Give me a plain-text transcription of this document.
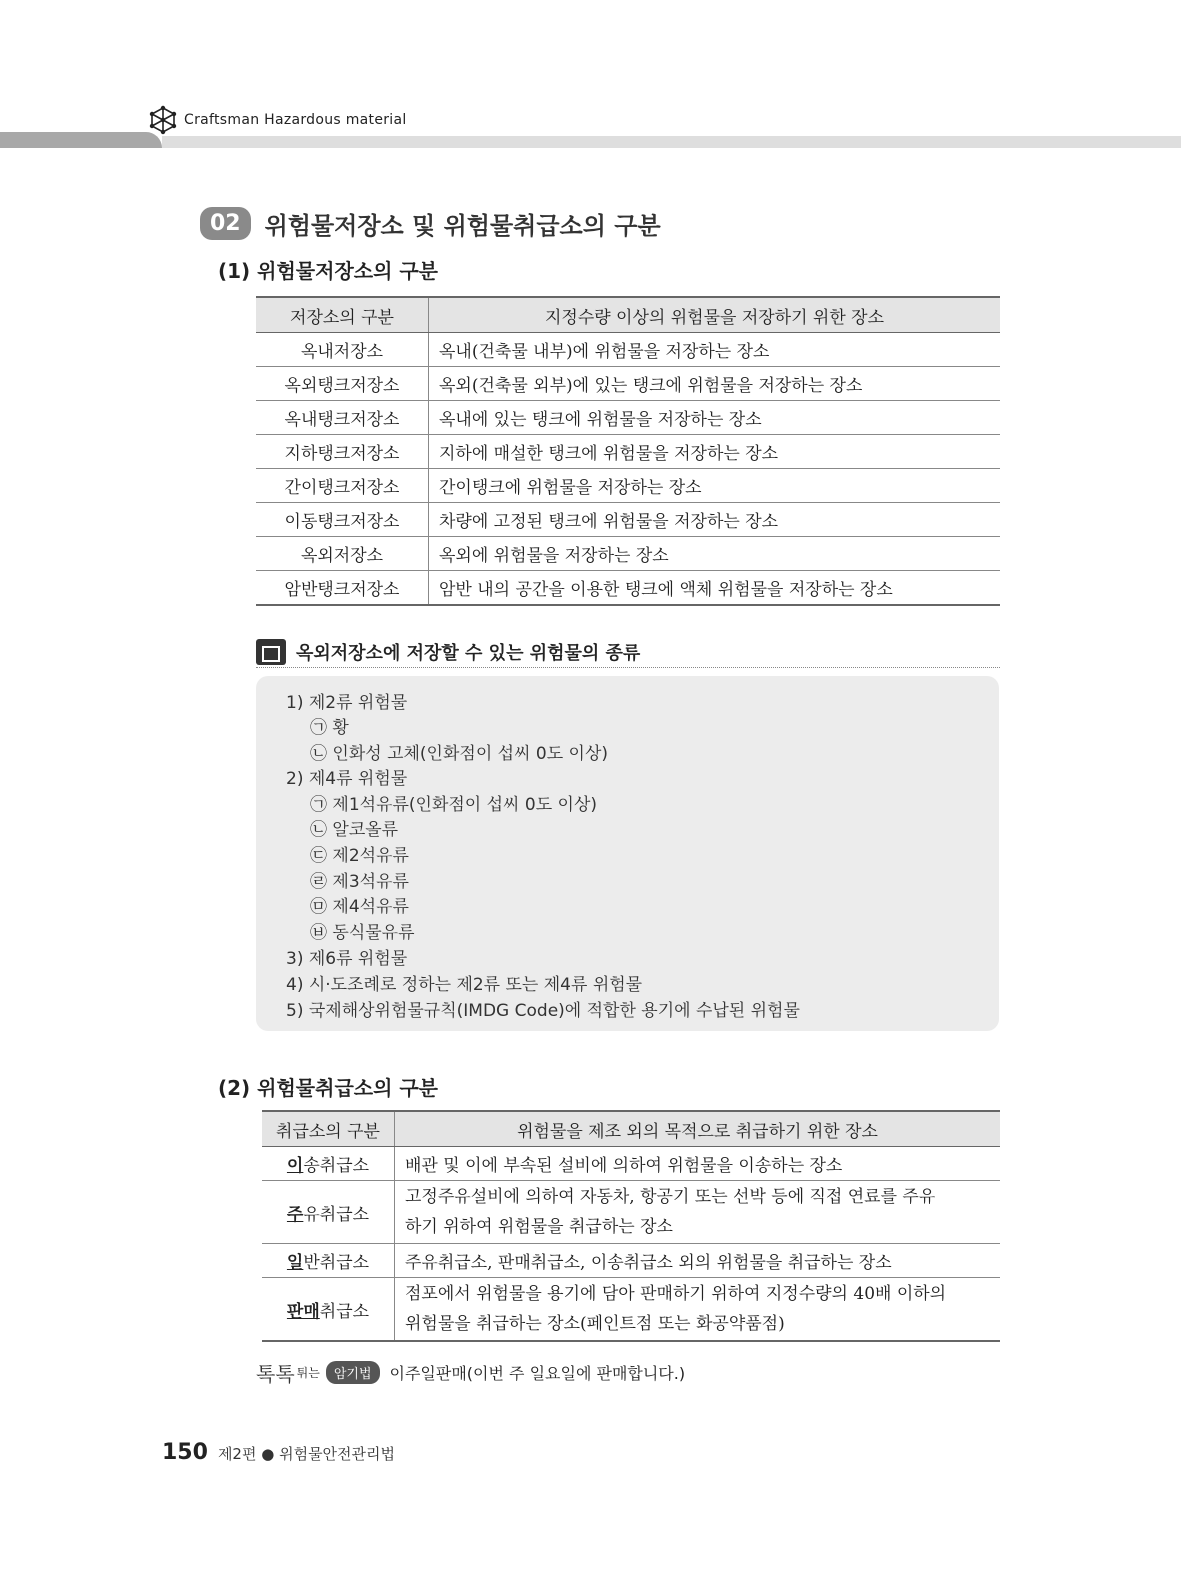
Craftsman Hazardous material
02	위험물저장소 및 위험물취급소의 구분
(1) 위험물저장소의 구분
저장소의 구분	지정수량 이상의 위험물을 저장하기 위한 장소
옥내저장소	옥내(건축물 내부)에 위험물을 저장하는 장소
옥외탱크저장소	옥외(건축물 외부)에 있는 탱크에 위험물을 저장하는 장소
옥내탱크저장소	옥내에 있는 탱크에 위험물을 저장하는 장소
지하탱크저장소	지하에 매설한 탱크에 위험물을 저장하는 장소
간이탱크저장소	간이탱크에 위험물을 저장하는 장소
이동탱크저장소	차량에 고정된 탱크에 위험물을 저장하는 장소
옥외저장소	옥외에 위험물을 저장하는 장소
암반탱크저장소	암반 내의 공간을 이용한 탱크에 액체 위험물을 저장하는 장소
옥외저장소에 저장할 수 있는 위험물의 종류
1) 제2류 위험물
㉠ 황
㉡ 인화성 고체(인화점이 섭씨 0도 이상)
2) 제4류 위험물
㉠ 제1석유류(인화점이 섭씨 0도 이상)
㉡ 알코올류
㉢ 제2석유류
㉣ 제3석유류
㉤ 제4석유류
㉥ 동식물유류
3) 제6류 위험물
4) 시·도조례로 정하는 제2류 또는 제4류 위험물
5) 국제해상위험물규칙(IMDG Code)에 적합한 용기에 수납된 위험물
(2) 위험물취급소의 구분
취급소의 구분	위험물을 제조 외의 목적으로 취급하기 위한 장소
이송취급소	배관 및 이에 부속된 설비에 의하여 위험물을 이송하는 장소
주유취급소	고정주유설비에 의하여 자동차, 항공기 또는 선박 등에 직접 연료를 주유
하기 위하여 위험물을 취급하는 장소

일반취급소	주유취급소, 판매취급소, 이송취급소 외의 위험물을 취급하는 장소
판매취급소	점포에서 위험물을 용기에 담아 판매하기 위하여 지정수량의 40배 이하의
위험물을 취급하는 장소(페인트점 또는 화공약품점)
톡톡 튀는	암기법	이주일판매(이번 주 일요일에 판매합니다.)
150 제2편 ● 위험물안전관리법
